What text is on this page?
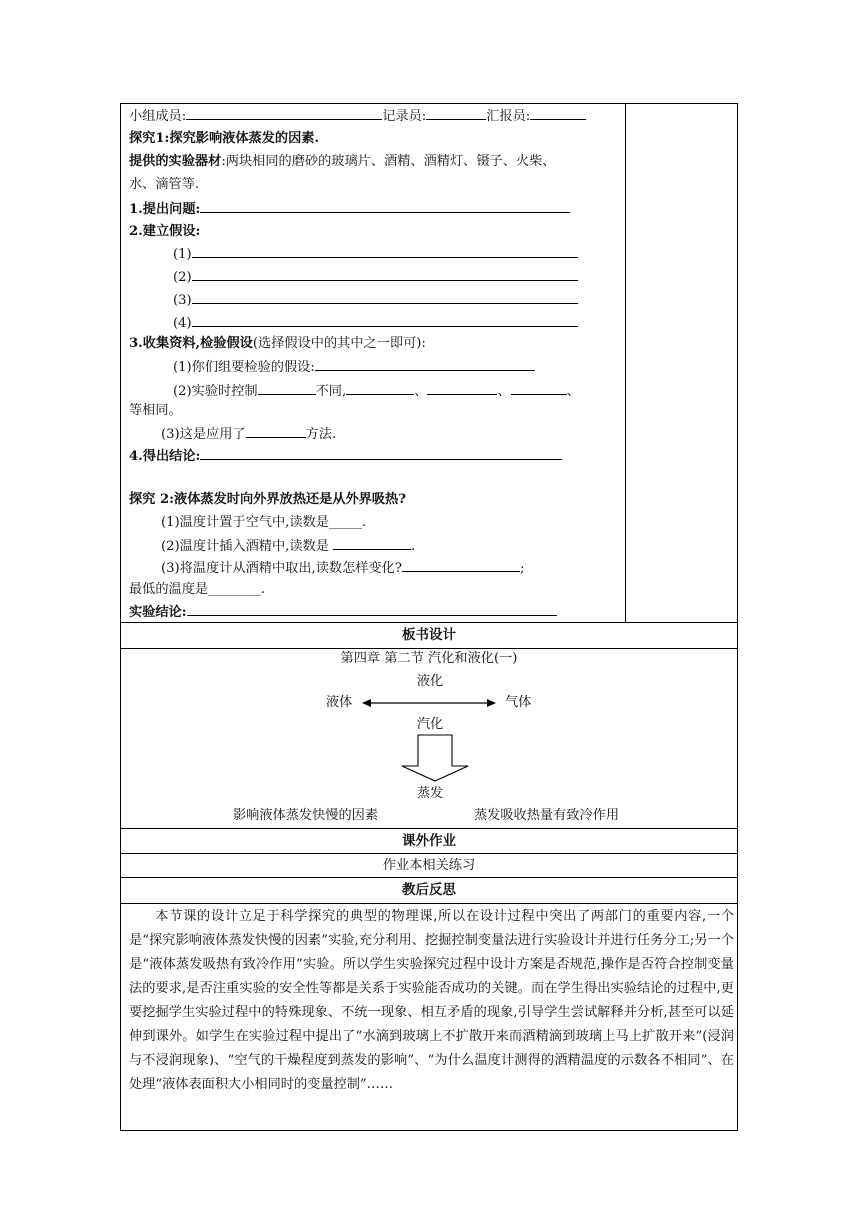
小组成员:	记录员:	汇报员:
探究1:探究影响液体蒸发的因素.
提供的实验器材:两块相同的磨砂的玻璃片、酒精、酒精灯、镊子、火柴、
水、滴管等.
1.提出问题:
2.建立假设:
(1)
(2)
(3)
(4)
3.收集资料,检验假设(选择假设中的其中之一即可):
(1)你们组要检验的假设:
(2)实验时控制	不同,	、	、	、
等相同。
(3)这是应用了	方法.
4.得出结论:
探究 2:液体蒸发时向外界放热还是从外界吸热?
(1)温度计置于空气中,读数是_____.
(2)温度计插入酒精中,读数是	.
(3)将温度计从酒精中取出,读数怎样变化?	;
最低的温度是________.
实验结论:
板书设计
第四章 第二节 汽化和液化(一)
液化
液体	气体
汽化
蒸发
影响液体蒸发快慢的因素	蒸发吸收热量有致冷作用
课外作业
作业本相关练习
教后反思

本节课的设计立足于科学探究的典型的物理课,所以在设计过程中突出了两部门的重要内容,一个是“探究影响液体蒸发快慢的因素”实验,充分利用、挖掘控制变量法进行实验设计并进行任务分工;另一个是“液体蒸发吸热有致冷作用”实验。所以学生实验探究过程中设计方案是否规范,操作是否符合控制变量法的要求,是否注重实验的安全性等都是关系于实验能否成功的关键。而在学生得出实验结论的过程中,更要挖掘学生实验过程中的特殊现象、不统一现象、相互矛盾的现象,引导学生尝试解释并分析,甚至可以延伸到课外。如学生在实验过程中提出了“水滴到玻璃上不扩散开来而酒精滴到玻璃上马上扩散开来”(浸润与不浸润现象)、“空气的干燥程度到蒸发的影响”、“为什么温度计测得的酒精温度的示数各不相同”、在处理“液体表面积大小相同时的变量控制”……
